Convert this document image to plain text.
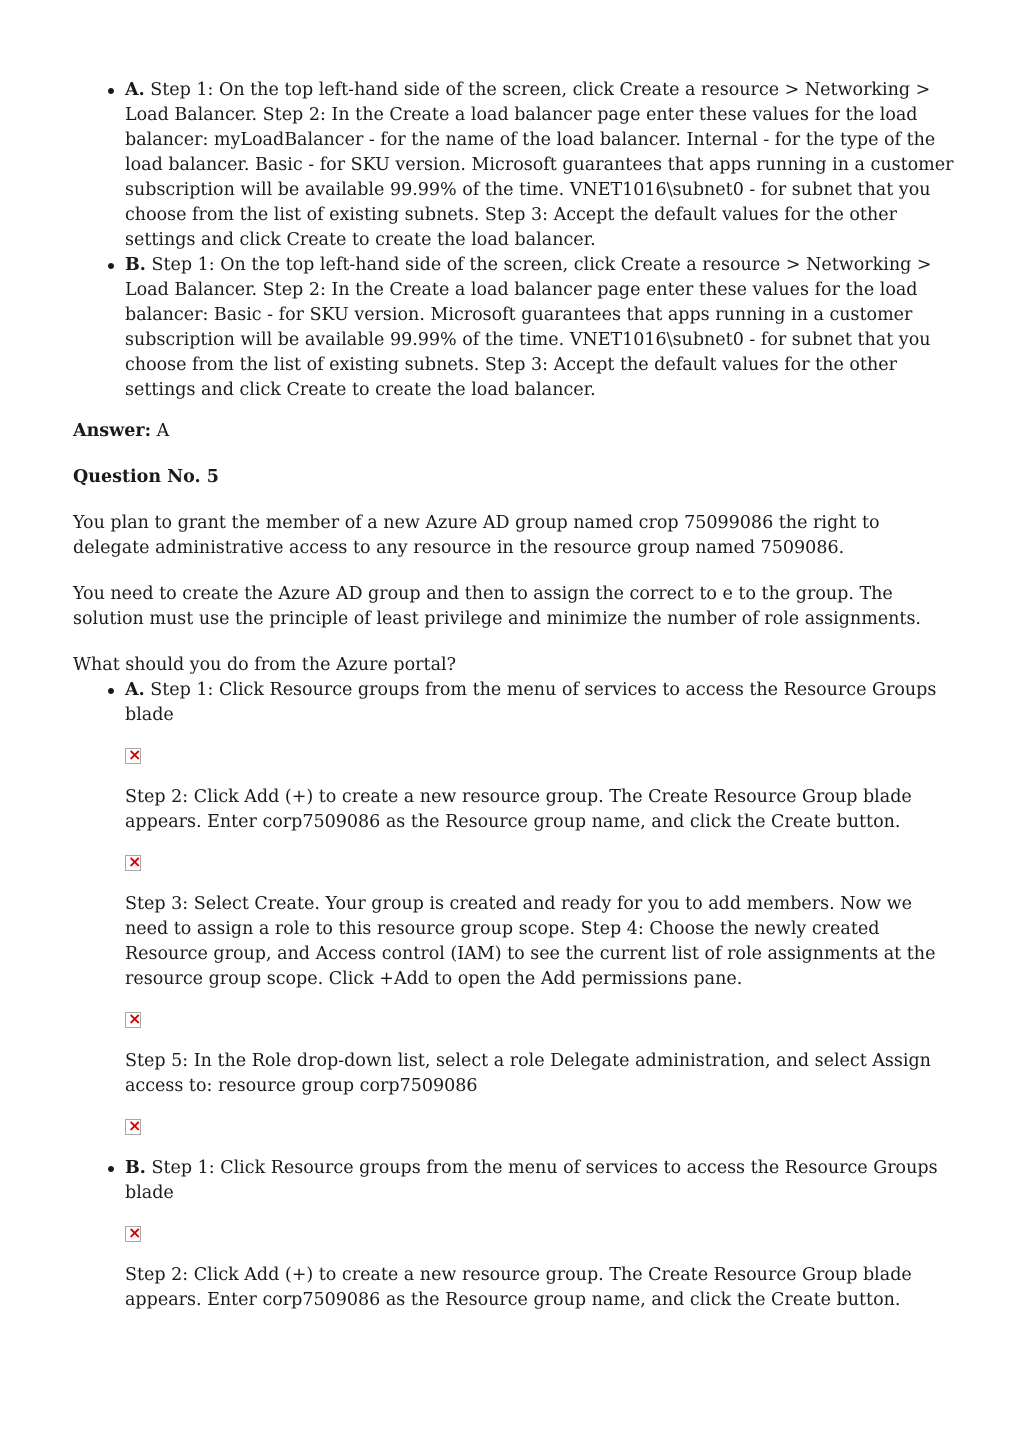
A. Step 1: On the top left-hand side of the screen, click Create a resource > Networking > Load Balancer. Step 2: In the Create a load balancer page enter these values for the load balancer: myLoadBalancer - for the name of the load balancer. Internal - for the type of the load balancer. Basic - for SKU version. Microsoft guarantees that apps running in a customer subscription will be available 99.99% of the time. VNET1016\subnet0 - for subnet that you choose from the list of existing subnets. Step 3: Accept the default values for the other settings and click Create to create the load balancer.
B. Step 1: On the top left-hand side of the screen, click Create a resource > Networking > Load Balancer. Step 2: In the Create a load balancer page enter these values for the load balancer: Basic - for SKU version. Microsoft guarantees that apps running in a customer subscription will be available 99.99% of the time. VNET1016\subnet0 - for subnet that you choose from the list of existing subnets. Step 3: Accept the default values for the other settings and click Create to create the load balancer.

Answer: A

Question No. 5

You plan to grant the member of a new Azure AD group named crop 75099086 the right to delegate administrative access to any resource in the resource group named 7509086.

You need to create the Azure AD group and then to assign the correct to e to the group. The solution must use the principle of least privilege and minimize the number of role assignments.

What should you do from the Azure portal?

A. Step 1: Click Resource groups from the menu of services to access the Resource Groups blade

×

Step 2: Click Add (+) to create a new resource group. The Create Resource Group blade appears. Enter corp7509086 as the Resource group name, and click the Create button.

×

Step 3: Select Create. Your group is created and ready for you to add members. Now we need to assign a role to this resource group scope. Step 4: Choose the newly created Resource group, and Access control (IAM) to see the current list of role assignments at the resource group scope. Click +Add to open the Add permissions pane.

×

Step 5: In the Role drop-down list, select a role Delegate administration, and select Assign access to: resource group corp7509086

×

B. Step 1: Click Resource groups from the menu of services to access the Resource Groups blade

×

Step 2: Click Add (+) to create a new resource group. The Create Resource Group blade appears. Enter corp7509086 as the Resource group name, and click the Create button.
